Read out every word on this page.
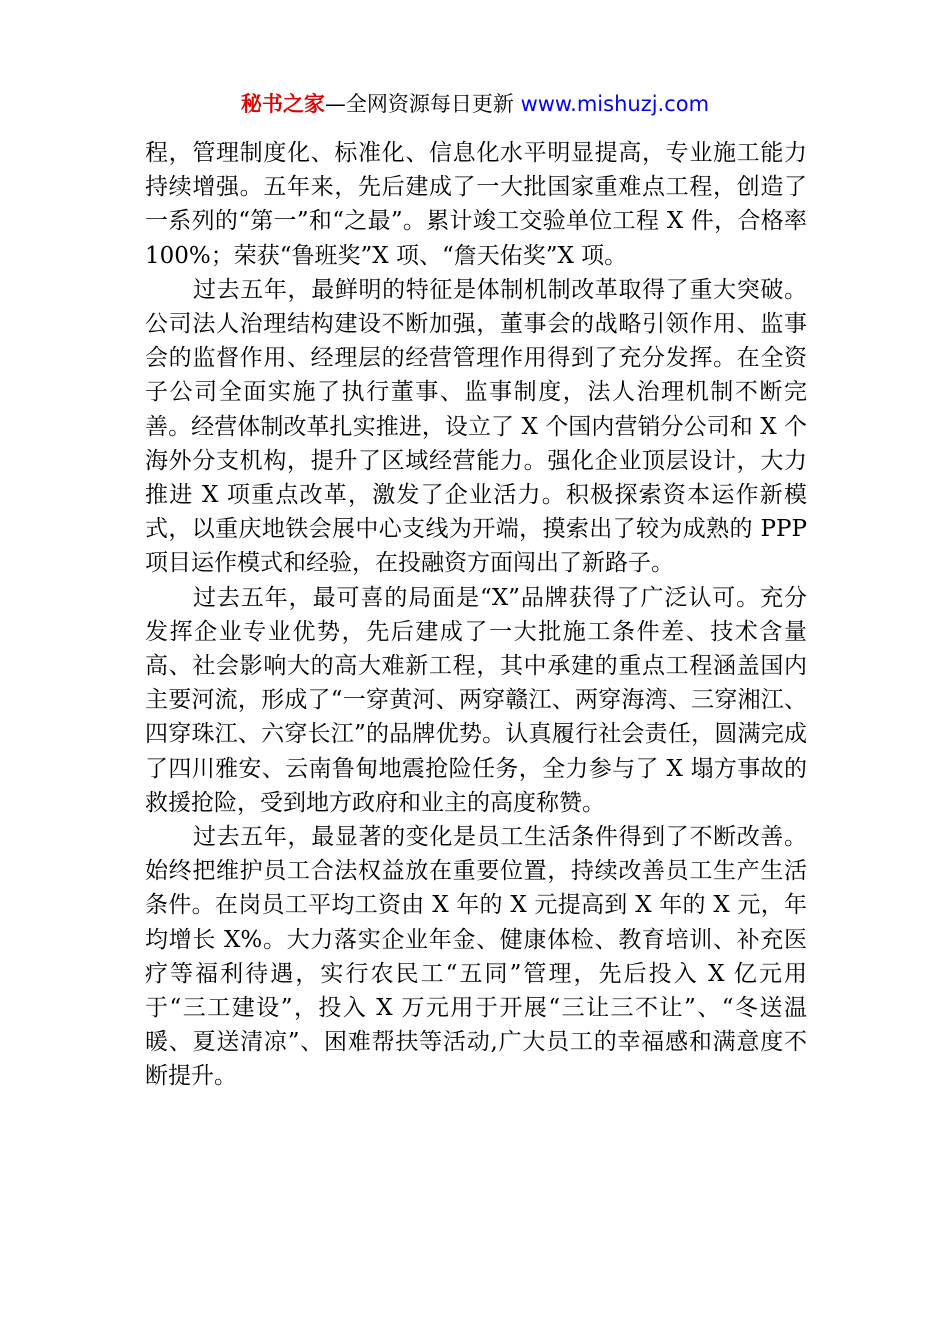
秘书之家—全网资源每日更新 www.mishuzj.com

程，管理制度化、标准化、信息化水平明显提高，专业施工能力持续增强。五年来，先后建成了一大批国家重难点工程，创造了一系列的“第一”和“之最”。累计竣工交验单位工程 X 件，合格率 100%；荣获“鲁班奖”X 项、“詹天佑奖”X 项。

过去五年，最鲜明的特征是体制机制改革取得了重大突破。公司法人治理结构建设不断加强，董事会的战略引领作用、监事会的监督作用、经理层的经营管理作用得到了充分发挥。在全资子公司全面实施了执行董事、监事制度，法人治理机制不断完善。经营体制改革扎实推进，设立了 X 个国内营销分公司和 X 个海外分支机构，提升了区域经营能力。强化企业顶层设计，大力推进 X 项重点改革，激发了企业活力。积极探索资本运作新模式，以重庆地铁会展中心支线为开端，摸索出了较为成熟的 PPP 项目运作模式和经验，在投融资方面闯出了新路子。

过去五年，最可喜的局面是“X”品牌获得了广泛认可。充分发挥企业专业优势，先后建成了一大批施工条件差、技术含量高、社会影响大的高大难新工程，其中承建的重点工程涵盖国内主要河流，形成了“一穿黄河、两穿赣江、两穿海湾、三穿湘江、四穿珠江、六穿长江”的品牌优势。认真履行社会责任，圆满完成了四川雅安、云南鲁甸地震抢险任务，全力参与了 X 塌方事故的救援抢险，受到地方政府和业主的高度称赞。

过去五年，最显著的变化是员工生活条件得到了不断改善。始终把维护员工合法权益放在重要位置，持续改善员工生产生活条件。在岗员工平均工资由 X 年的 X 元提高到 X 年的 X 元，年均增长 X%。大力落实企业年金、健康体检、教育培训、补充医疗等福利待遇，实行农民工“五同”管理，先后投入 X 亿元用于“三工建设”，投入 X 万元用于开展“三让三不让”、“冬送温暖、夏送清凉”、困难帮扶等活动,广大员工的幸福感和满意度不断提升。
